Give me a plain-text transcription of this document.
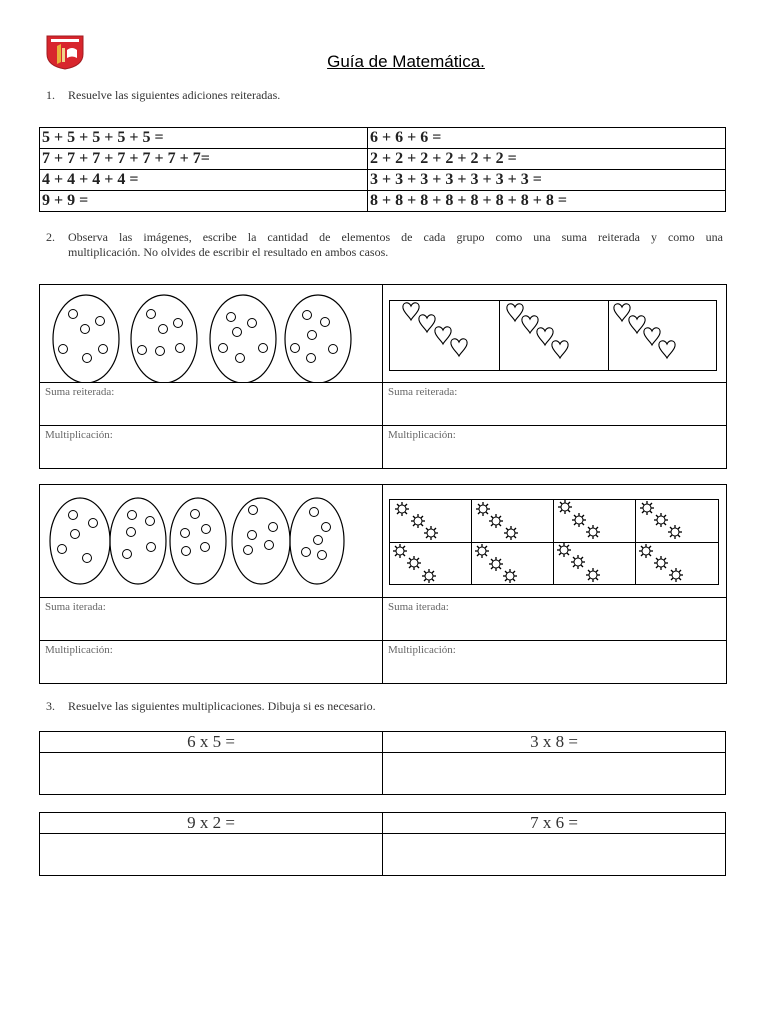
Guía de Matemática.
1. Resuelve las siguientes adiciones reiteradas.
5 + 5 + 5 + 5 + 5 =	6 + 6 + 6 =
7 + 7 + 7 + 7 + 7 + 7 + 7=	2 + 2 + 2 + 2 + 2 + 2 =
4 + 4 + 4 + 4 =	3 + 3 + 3 + 3 + 3 + 3 + 3 =
9 + 9 =	8 + 8 + 8 + 8 + 8 + 8 + 8 + 8 =
2. Observa las imágenes, escribe la cantidad de elementos de cada grupo como una suma reiterada y como una
multiplicación. No olvides de escribir el resultado en ambos casos.

Suma reiterada:	Suma reiterada:

Multiplicación:	Multiplicación:

Suma iterada:	Suma iterada:

Multiplicación:	Multiplicación:
3. Resuelve las siguientes multiplicaciones. Dibuja si es necesario.
6 x 5 =	3 x 8 =

9 x 2 =	7 x 6 =
